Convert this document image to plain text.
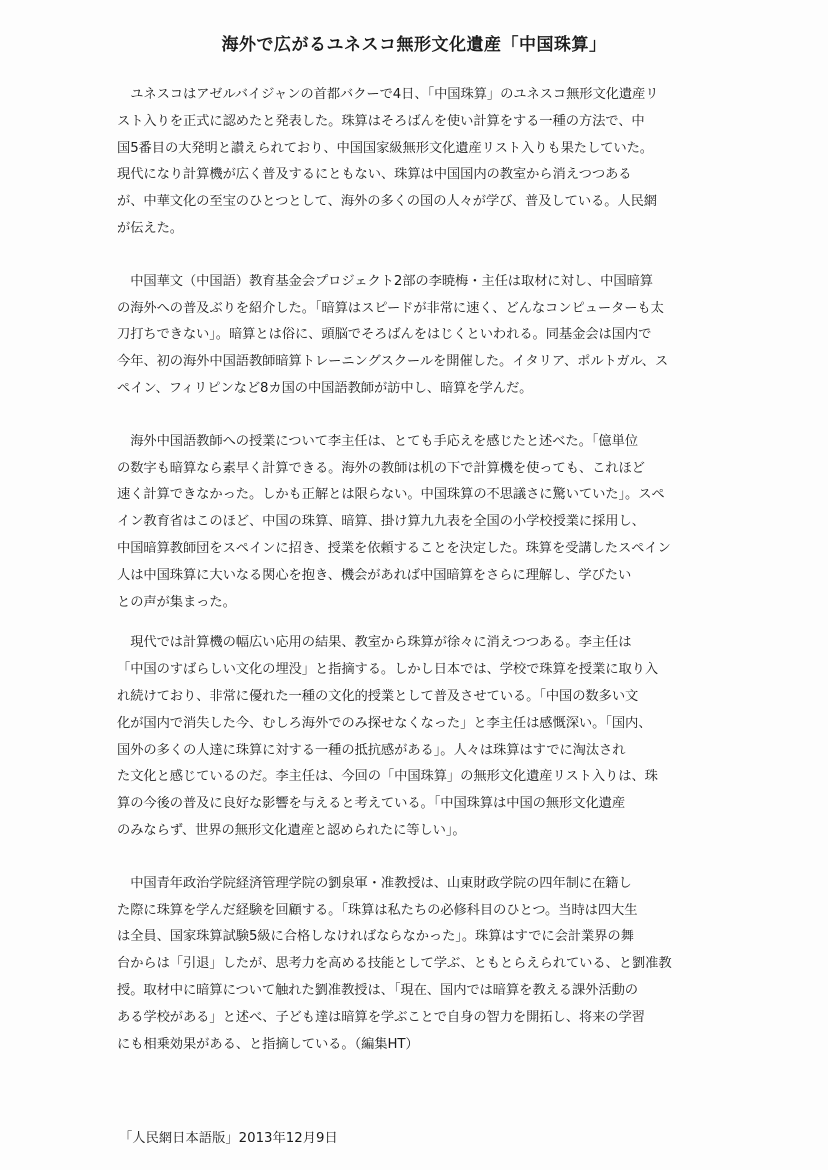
海外で広がるユネスコ無形文化遺産「中国珠算」
　ユネスコはアゼルバイジャンの首都バクーで4日、「中国珠算」のユネスコ無形文化遺産リ
スト入りを正式に認めたと発表した。珠算はそろばんを使い計算をする一種の方法で、中
国5番目の大発明と讃えられており、中国国家級無形文化遺産リスト入りも果たしていた。
現代になり計算機が広く普及するにともない、珠算は中国国内の教室から消えつつある
が、中華文化の至宝のひとつとして、海外の多くの国の人々が学び、普及している。人民網
が伝えた。
　中国華文（中国語）教育基金会プロジェクト2部の李暁梅・主任は取材に対し、中国暗算
の海外への普及ぶりを紹介した。「暗算はスピードが非常に速く、どんなコンピューターも太
刀打ちできない」。暗算とは俗に、頭脳でそろばんをはじくといわれる。同基金会は国内で
今年、初の海外中国語教師暗算トレーニングスクールを開催した。イタリア、ポルトガル、ス
ペイン、フィリピンなど8カ国の中国語教師が訪中し、暗算を学んだ。
　海外中国語教師への授業について李主任は、とても手応えを感じたと述べた。「億単位
の数字も暗算なら素早く計算できる。海外の教師は机の下で計算機を使っても、これほど
速く計算できなかった。しかも正解とは限らない。中国珠算の不思議さに驚いていた」。スペ
イン教育省はこのほど、中国の珠算、暗算、掛け算九九表を全国の小学校授業に採用し、
中国暗算教師団をスペインに招き、授業を依頼することを決定した。珠算を受講したスペイン
人は中国珠算に大いなる関心を抱き、機会があれば中国暗算をさらに理解し、学びたい
との声が集まった。
　現代では計算機の幅広い応用の結果、教室から珠算が徐々に消えつつある。李主任は
「中国のすばらしい文化の埋没」と指摘する。しかし日本では、学校で珠算を授業に取り入
れ続けており、非常に優れた一種の文化的授業として普及させている。「中国の数多い文
化が国内で消失した今、むしろ海外でのみ探せなくなった」と李主任は感慨深い。「国内、
国外の多くの人達に珠算に対する一種の抵抗感がある」。人々は珠算はすでに淘汰され
た文化と感じているのだ。李主任は、今回の「中国珠算」の無形文化遺産リスト入りは、珠
算の今後の普及に良好な影響を与えると考えている。「中国珠算は中国の無形文化遺産
のみならず、世界の無形文化遺産と認められたに等しい」。
　中国青年政治学院経済管理学院の劉泉軍・准教授は、山東財政学院の四年制に在籍し
た際に珠算を学んだ経験を回顧する。「珠算は私たちの必修科目のひとつ。当時は四大生
は全員、国家珠算試験5級に合格しなければならなかった」。珠算はすでに会計業界の舞
台からは「引退」したが、思考力を高める技能として学ぶ、ともとらえられている、と劉准教
授。取材中に暗算について触れた劉准教授は、「現在、国内では暗算を教える課外活動の
ある学校がある」と述べ、子ども達は暗算を学ぶことで自身の智力を開拓し、将来の学習
にも相乗効果がある、と指摘している。（編集HT）
「人民網日本語版」2013年12月9日
